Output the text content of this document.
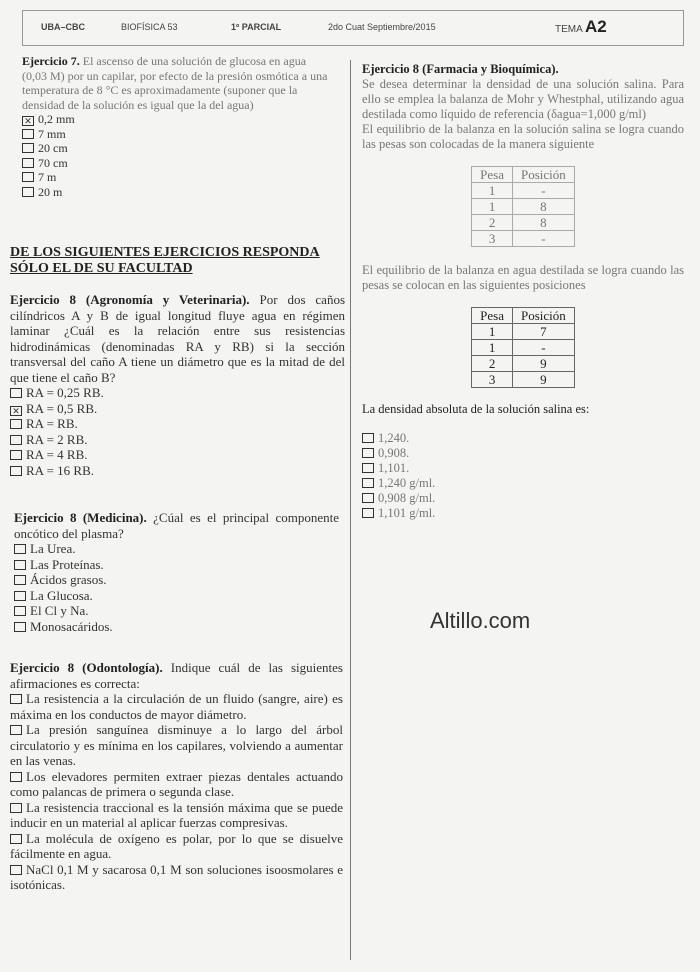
UBA–CBC	BIOFÍSICA 53	1º PARCIAL	2do Cuat Septiembre/2015	TEMA A2
Ejercicio 7. El ascenso de una solución de glucosa en agua (0,03 M) por un capilar, por efecto de la presión osmótica a una temperatura de 8 °C es aproximadamente (suponer que la densidad de la solución es igual que la del agua)
✕ 0,2 mm
7 mm
20 cm
70 cm
7 m
20 m
DE LOS SIGUIENTES EJERCICIOS RESPONDA SÓLO EL DE SU FACULTAD
Ejercicio 8 (Agronomía y Veterinaria). Por dos caños cilíndricos A y B de igual longitud fluye agua en régimen laminar ¿Cuál es la relación entre sus resistencias hidrodinámicas (denominadas RA y RB) si la sección transversal del caño A tiene un diámetro que es la mitad de del que tiene el caño B?
RA = 0,25 RB.
✕ RA = 0,5 RB.
RA = RB.
RA = 2 RB.
RA = 4 RB.
RA = 16 RB.
Ejercicio 8 (Medicina). ¿Cúal es el principal componente oncótico del plasma?
La Urea.
Las Proteínas.
Ácidos grasos.
La Glucosa.
El Cl y Na.
Monosacáridos.
Ejercicio 8 (Odontología). Indique cuál de las siguientes afirmaciones es correcta:
La resistencia a la circulación de un fluido (sangre, aire) es máxima en los conductos de mayor diámetro.
La presión sanguínea disminuye a lo largo del árbol circulatorio y es mínima en los capilares, volviendo a aumentar en las venas.
Los elevadores permiten extraer piezas dentales actuando como palancas de primera o segunda clase.
La resistencia traccional es la tensión máxima que se puede inducir en un material al aplicar fuerzas compresivas.
La molécula de oxígeno es polar, por lo que se disuelve fácilmente en agua.
NaCl 0,1 M y sacarosa 0,1 M son soluciones isoosmolares e isotónicas.
Ejercicio 8 (Farmacia y Bioquímica).
Se desea determinar la densidad de una solución salina. Para ello se emplea la balanza de Mohr y Whestphal, utilizando agua destilada como líquido de referencia (δagua=1,000 g/ml)
El equilibrio de la balanza en la solución salina se logra cuando las pesas son colocadas de la manera siguiente
Pesa	Posición
1	-
1	8
2	8
3	-
El equilibrio de la balanza en agua destilada se logra cuando las pesas se colocan en las siguientes posiciones
Pesa	Posición
1	7
1	-
2	9
3	9
La densidad absoluta de la solución salina es:
1,240.
0,908.
1,101.
1,240 g/ml.
0,908 g/ml.
1,101 g/ml.
Altillo.com
